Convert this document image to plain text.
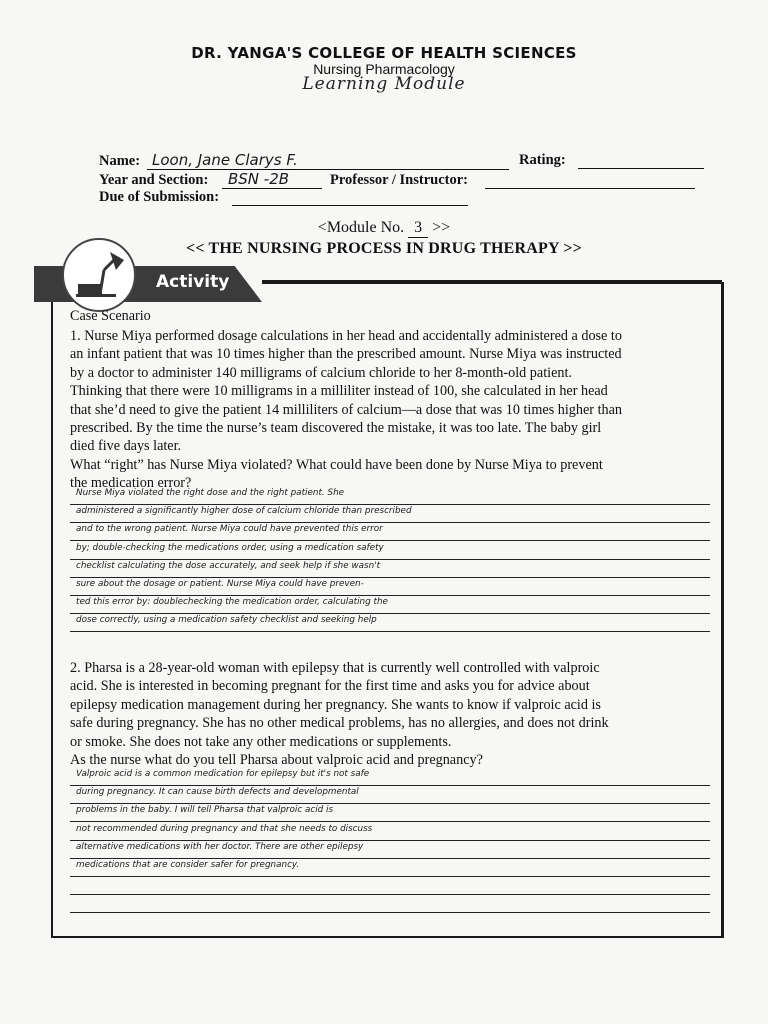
DR. YANGA'S COLLEGE OF HEALTH SCIENCES
Nursing Pharmacology
Learning Module
Name: Loon, Jane Clarys F.	Rating:
Year and Section: BSN -2B	Professor / Instructor:
Due of Submission:
<Module No. 3 >>
<< THE NURSING PROCESS IN DRUG THERAPY >>
Activity
Case Scenario
1. Nurse Miya performed dosage calculations in her head and accidentally administered a dose to
an infant patient that was 10 times higher than the prescribed amount. Nurse Miya was instructed
by a doctor to administer 140 milligrams of calcium chloride to her 8-month-old patient.
Thinking that there were 10 milligrams in a milliliter instead of 100, she calculated in her head
that she’d need to give the patient 14 milliliters of calcium—a dose that was 10 times higher than
prescribed. By the time the nurse’s team discovered the mistake, it was too late. The baby girl
died five days later.
What “right” has Nurse Miya violated? What could have been done by Nurse Miya to prevent
the medication error?
Nurse Miya violated the right dose and the right patient. She
administered a significantly higher dose of calcium chloride than prescribed
and to the wrong patient. Nurse Miya could have prevented this error
by; double-checking the medications order, using a medication safety
checklist calculating the dose accurately, and seek help if she wasn't
sure about the dosage or patient. Nurse Miya could have preven-
ted this error by: doublechecking the medication order, calculating the
dose correctly, using a medication safety checklist and seeking help
2. Pharsa is a 28-year-old woman with epilepsy that is currently well controlled with valproic
acid. She is interested in becoming pregnant for the first time and asks you for advice about
epilepsy medication management during her pregnancy. She wants to know if valproic acid is
safe during pregnancy. She has no other medical problems, has no allergies, and does not drink
or smoke. She does not take any other medications or supplements.
As the nurse what do you tell Pharsa about valproic acid and pregnancy?
Valproic acid is a common medication for epilepsy but it's not safe
during pregnancy. It can cause birth defects and developmental
problems in the baby. I will tell Pharsa that valproic acid is
not recommended during pregnancy and that she needs to discuss
alternative medications with her doctor. There are other epilepsy
medications that are consider safer for pregnancy.
